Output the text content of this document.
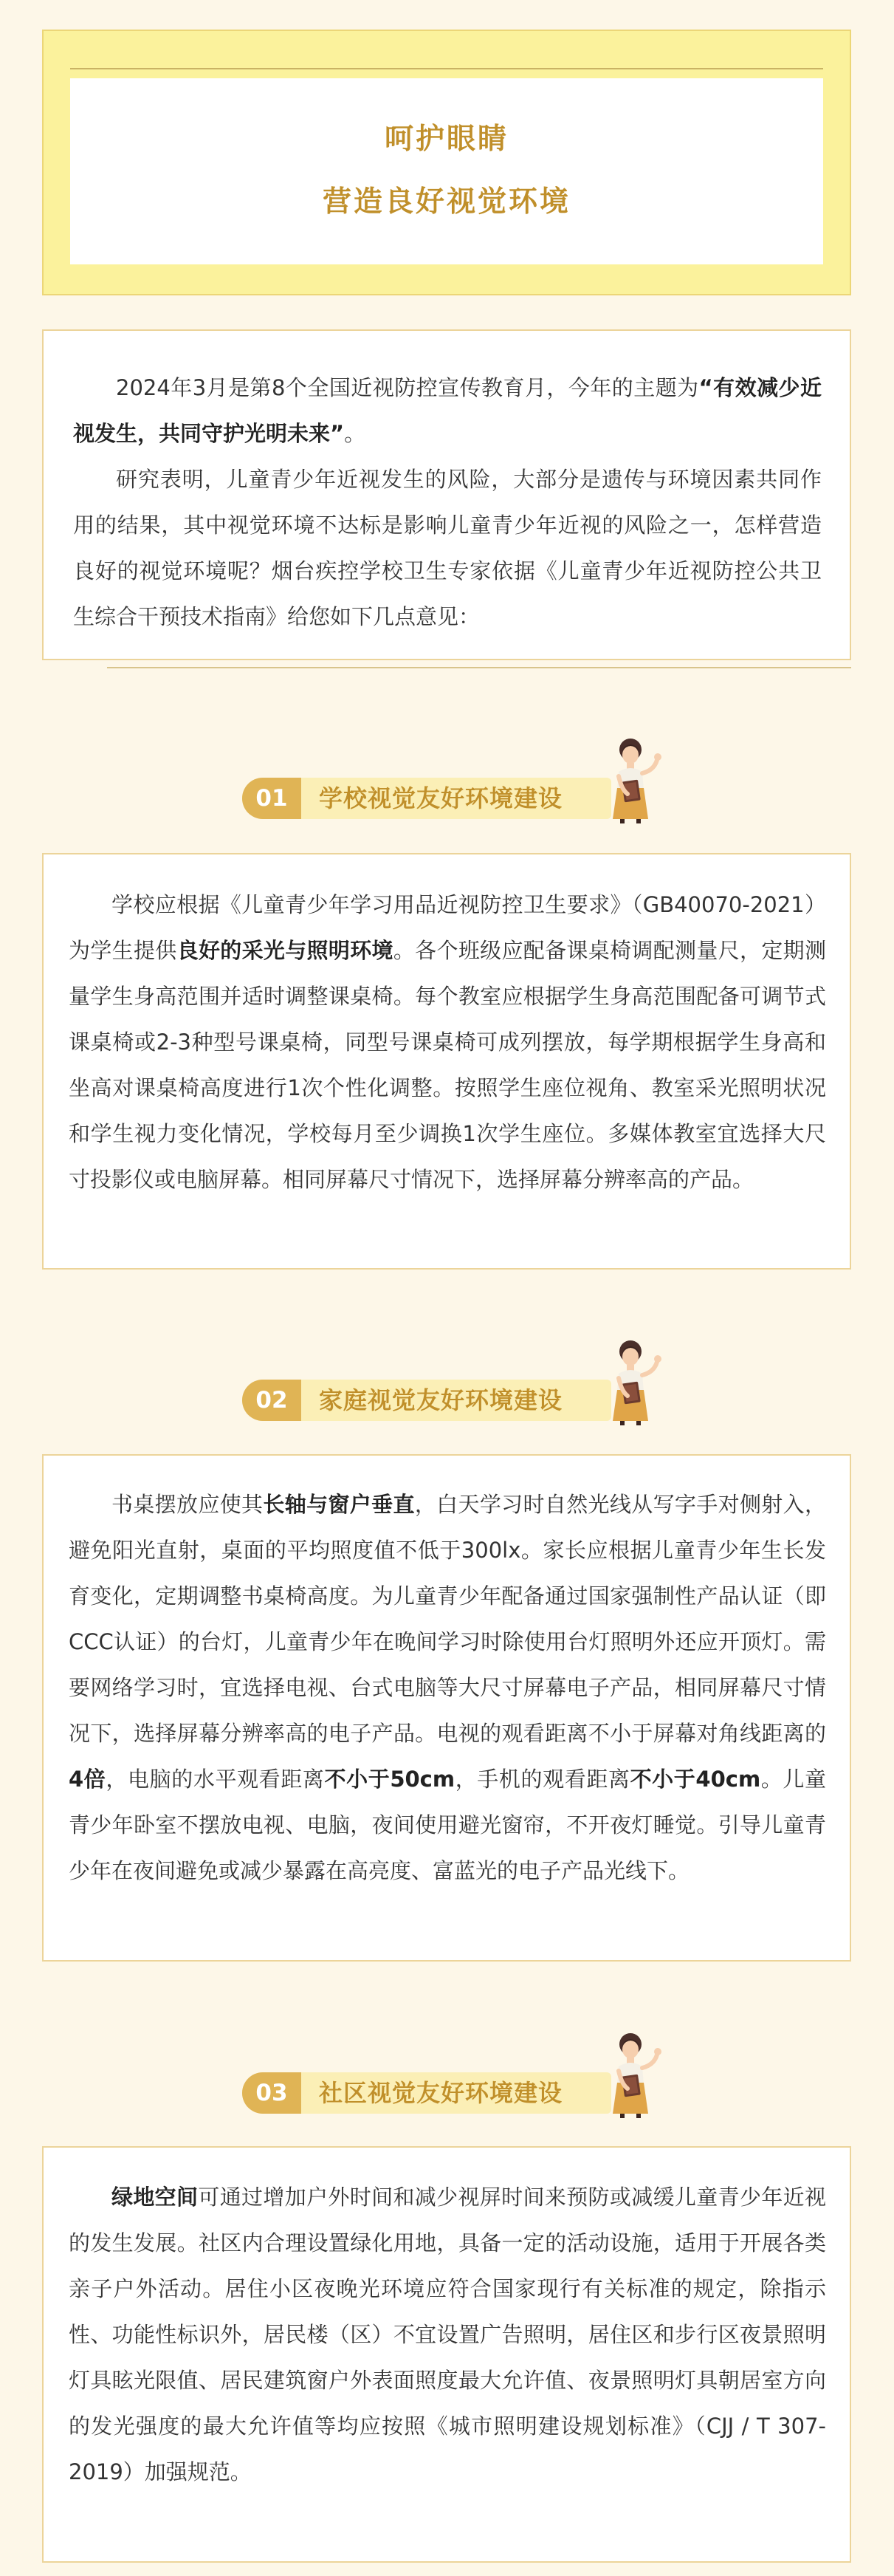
呵护眼睛
营造良好视觉环境

2024年3月是第8个全国近视防控宣传教育月，今年的主题为“有效减少近视发生，共同守护光明未来”。

研究表明，儿童青少年近视发生的风险，大部分是遗传与环境因素共同作用的结果，其中视觉环境不达标是影响儿童青少年近视的风险之一，怎样营造良好的视觉环境呢？烟台疾控学校卫生专家依据《儿童青少年近视防控公共卫生综合干预技术指南》给您如下几点意见：

01	学校视觉友好环境建设

学校应根据《儿童青少年学习用品近视防控卫生要求》（GB40070-2021）为学生提供良好的采光与照明环境。各个班级应配备课桌椅调配测量尺，定期测量学生身高范围并适时调整课桌椅。每个教室应根据学生身高范围配备可调节式课桌椅或2-3种型号课桌椅，同型号课桌椅可成列摆放，每学期根据学生身高和坐高对课桌椅高度进行1次个性化调整。按照学生座位视角、教室采光照明状况和学生视力变化情况，学校每月至少调换1次学生座位。多媒体教室宜选择大尺寸投影仪或电脑屏幕。相同屏幕尺寸情况下，选择屏幕分辨率高的产品。

02	家庭视觉友好环境建设

书桌摆放应使其长轴与窗户垂直，白天学习时自然光线从写字手对侧射入，避免阳光直射，桌面的平均照度值不低于300lx。家长应根据儿童青少年生长发育变化，定期调整书桌椅高度。为儿童青少年配备通过国家强制性产品认证（即CCC认证）的台灯，儿童青少年在晚间学习时除使用台灯照明外还应开顶灯。需要网络学习时，宜选择电视、台式电脑等大尺寸屏幕电子产品，相同屏幕尺寸情况下，选择屏幕分辨率高的电子产品。电视的观看距离不小于屏幕对角线距离的4倍，电脑的水平观看距离不小于50cm，手机的观看距离不小于40cm。儿童青少年卧室不摆放电视、电脑，夜间使用避光窗帘，不开夜灯睡觉。引导儿童青少年在夜间避免或减少暴露在高亮度、富蓝光的电子产品光线下。

03	社区视觉友好环境建设

绿地空间可通过增加户外时间和减少视屏时间来预防或减缓儿童青少年近视的发生发展。社区内合理设置绿化用地，具备一定的活动设施，适用于开展各类亲子户外活动。居住小区夜晚光环境应符合国家现行有关标准的规定，除指示性、功能性标识外，居民楼（区）不宜设置广告照明，居住区和步行区夜景照明灯具眩光限值、居民建筑窗户外表面照度最大允许值、夜景照明灯具朝居室方向的发光强度的最大允许值等均应按照《城市照明建设规划标准》（CJJ / T 307-2019）加强规范。
